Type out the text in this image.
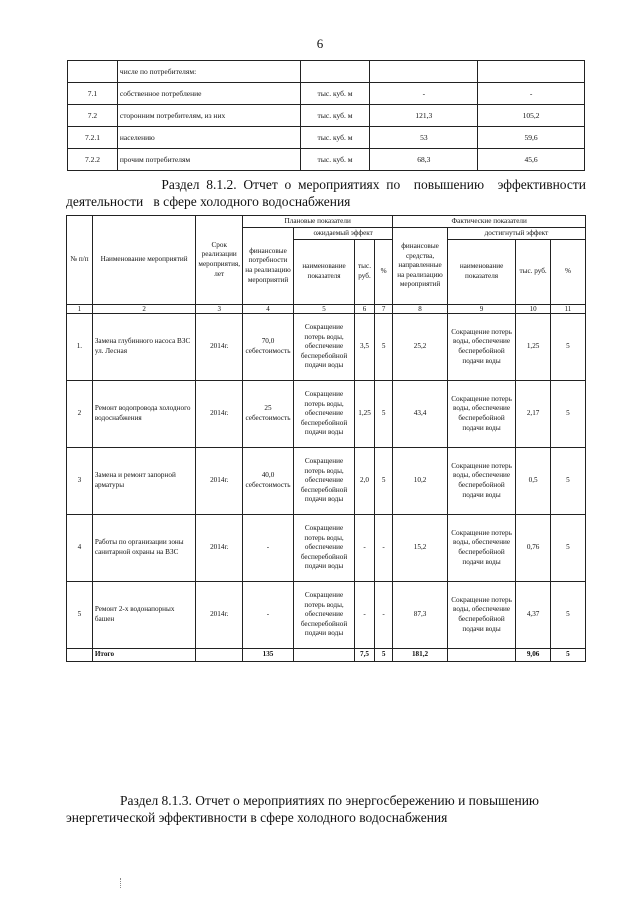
6
	числе по потребителям:			
7.1	собственное потребление	тыс. куб. м	-	-
7.2	сторонним потребителям, из них	тыс. куб. м	121,3	105,2
7.2.1	населению	тыс. куб. м	53	59,6
7.2.2	прочим потребителям	тыс. куб. м	68,3	45,6
Раздел  8.1.2.  Отчет  о  мероприятиях  по    повышению    эффективности
деятельности   в сфере холодного водоснабжения
№ п/п	Наименование мероприятий	Срок реализации мероприятия, лет	Плановые показатели				Фактические показатели			
			финансовые потребности на реализацию мероприятий	ожидаемый эффект			финансовые средства, направленные на реализацию мероприятий	достигнутый эффект		
				наименование показателя	тыс. руб.	%		наименование показателя	тыс. руб.	%
1	2	3	4	5	6	7	8	9	10	11
1.	Замена глубинного насоса ВЗС ул. Лесная	2014г.	70,0 себестоимость	Сокращение потерь воды, обеспечение бесперебойной подачи воды	3,5	5	25,2	Сокращение потерь воды, обеспечение бесперебойной подачи воды	1,25	5
2	Ремонт водопровода холодного водоснабжения	2014г.	25 себестоимость	Сокращение потерь воды, обеспечение бесперебойной подачи воды	1,25	5	43,4	Сокращение потерь воды, обеспечение бесперебойной подачи воды	2,17	5
3	Замена и ремонт запорной арматуры	2014г.	40,0 себестоимость	Сокращение потерь воды, обеспечение бесперебойной подачи воды	2,0	5	10,2	Сокращение потерь воды, обеспечение бесперебойной подачи воды	0,5	5
4	Работы по организации зоны санитарной охраны на ВЗС	2014г.	-	Сокращение потерь воды, обеспечение бесперебойной подачи воды	-	-	15,2	Сокращение потерь воды, обеспечение бесперебойной подачи воды	0,76	5
5	Ремонт 2-х водонапорных башен	2014г.	-	Сокращение потерь воды, обеспечение бесперебойной подачи воды	-	-	87,3	Сокращение потерь воды, обеспечение бесперебойной подачи воды	4,37	5
	Итого		135		7,5	5	181,2		9,06	5
Раздел 8.1.3. Отчет о мероприятиях по энергосбережению и повышению
энергетической эффективности в сфере холодного водоснабжения
